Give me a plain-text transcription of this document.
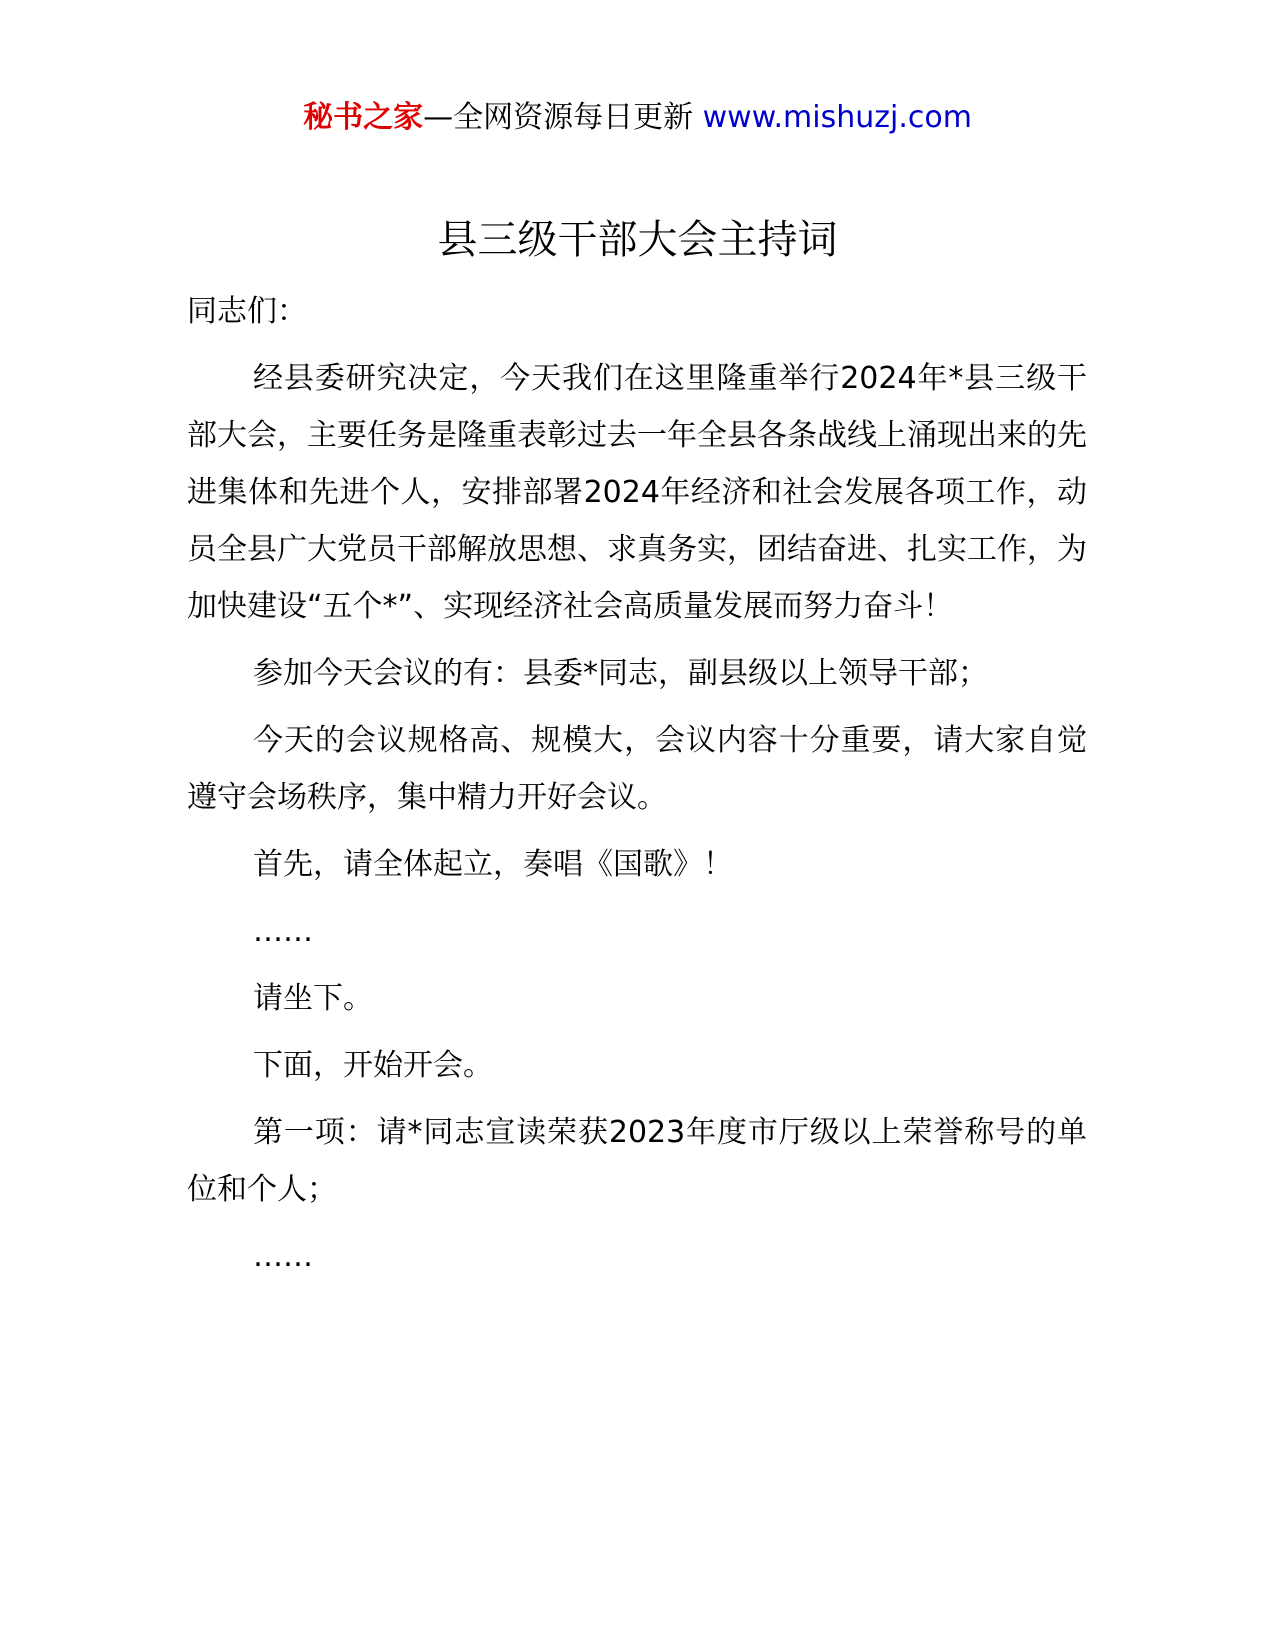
秘书之家—全网资源每日更新 www.mishuzj.com
县三级干部大会主持词

同志们：

经县委研究决定，今天我们在这里隆重举行2024年*县三级干部大会，主要任务是隆重表彰过去一年全县各条战线上涌现出来的先进集体和先进个人，安排部署2024年经济和社会发展各项工作，动员全县广大党员干部解放思想、求真务实，团结奋进、扎实工作，为加快建设“五个*”、实现经济社会高质量发展而努力奋斗！

参加今天会议的有：县委*同志，副县级以上领导干部；

今天的会议规格高、规模大，会议内容十分重要，请大家自觉遵守会场秩序，集中精力开好会议。

首先，请全体起立，奏唱《国歌》！

……

请坐下。

下面，开始开会。

第一项：请*同志宣读荣获2023年度市厅级以上荣誉称号的单位和个人；

……
